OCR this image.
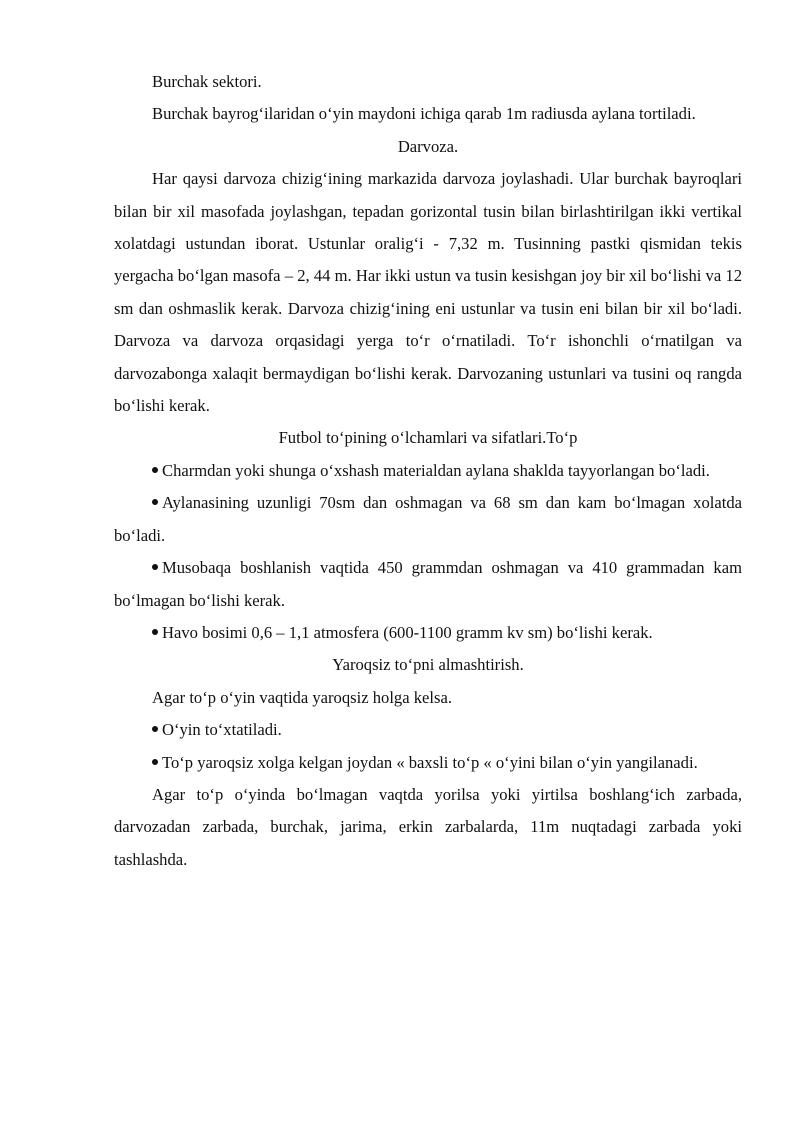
Burchak sektori.

Burchak bayrog‘ilaridan o‘yin maydoni ichiga qarab 1m radiusda aylana tortiladi.

Darvoza.

Har qaysi darvoza chizig‘ining markazida darvoza joylashadi. Ular burchak bayroqlari bilan bir xil masofada joylashgan, tepadan gorizontal tusin bilan birlashtirilgan ikki vertikal xolatdagi ustundan iborat. Ustunlar oralig‘i - 7,32 m. Tusinning pastki qismidan tekis yergacha bo‘lgan masofa – 2, 44 m. Har ikki ustun va tusin kesishgan joy bir xil bo‘lishi va 12 sm dan oshmaslik kerak. Darvoza chizig‘ining eni ustunlar va tusin eni bilan bir xil bo‘ladi. Darvoza va darvoza orqasidagi yerga to‘r o‘rnatiladi. To‘r ishonchli o‘rnatilgan va darvozabonga xalaqit bermaydigan bo‘lishi kerak. Darvozaning ustunlari va tusini oq rangda bo‘lishi kerak.

Futbol to‘pining o‘lchamlari va sifatlari.To‘p

Charmdan yoki shunga o‘xshash materialdan aylana shaklda tayyorlangan bo‘ladi.

Aylanasining uzunligi 70sm dan oshmagan va 68 sm dan kam bo‘lmagan xolatda bo‘ladi.

Musobaqa boshlanish vaqtida 450 grammdan oshmagan va 410 grammadan kam bo‘lmagan bo‘lishi kerak.

Havo bosimi 0,6 – 1,1 atmosfera (600-1100 gramm kv sm) bo‘lishi kerak.

Yaroqsiz to‘pni almashtirish.

Agar to‘p o‘yin vaqtida yaroqsiz holga kelsa.

O‘yin to‘xtatiladi.

To‘p yaroqsiz xolga kelgan joydan « baxsli to‘p « o‘yini bilan o‘yin yangilanadi.

Agar to‘p o‘yinda bo‘lmagan vaqtda yorilsa yoki yirtilsa boshlang‘ich zarbada, darvozadan zarbada, burchak, jarima, erkin zarbalarda, 11m nuqtadagi zarbada yoki tashlashda.
